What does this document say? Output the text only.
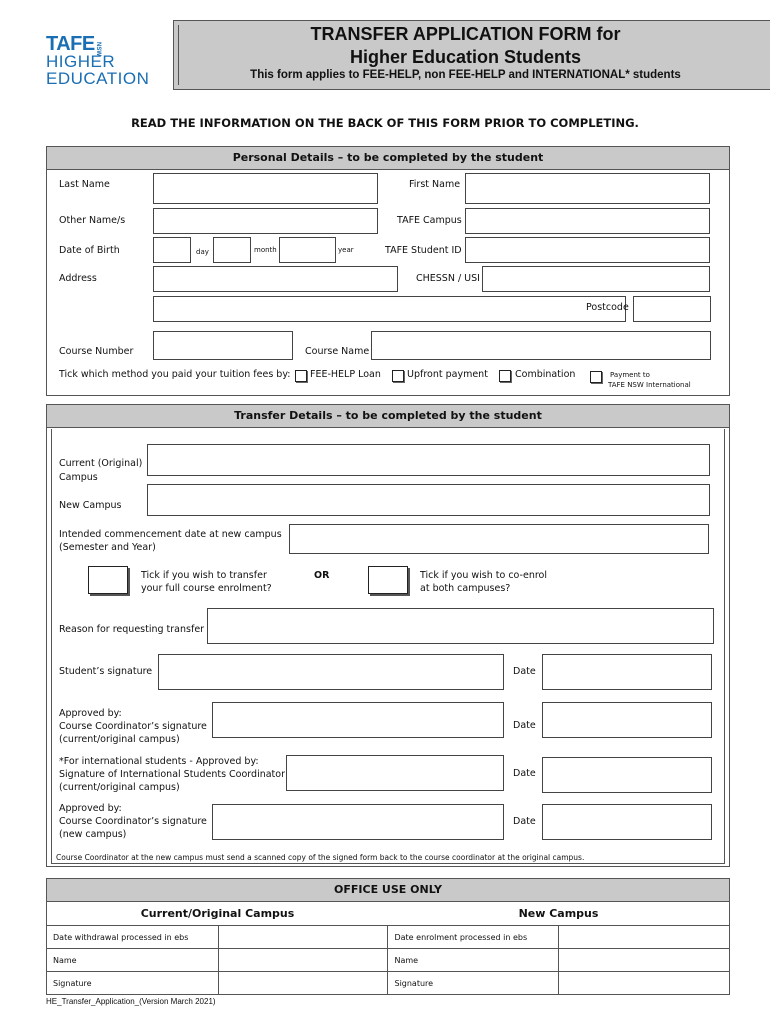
TAFE NSW
HIGHER
EDUCATION
TRANSFER APPLICATION FORM for
Higher Education Students
This form applies to FEE-HELP, non FEE-HELP and INTERNATIONAL* students
READ THE INFORMATION ON THE BACK OF THIS FORM PRIOR TO COMPLETING.
Personal Details – to be completed by the student
Last Name	First Name
Other Name/s	TAFE Campus
Date of Birth	day	month	year	TAFE Student ID
Address	CHESSN / USI
Postcode
Course Number	Course Name
Tick which method you paid your tuition fees by: FEE-HELP Loan	Upfront payment	Combination	Payment to
TAFE NSW International
Transfer Details – to be completed by the student
Current (Original)
Campus
New Campus
Intended commencement date at new campus
(Semester and Year)
Tick if you wish to transfer
your full course enrolment?
OR	Tick if you wish to co-enrol
at both campuses?
Reason for requesting transfer
Student’s signature	Date
Approved by:
Course Coordinator’s signature
(current/original campus)
Date
*For international students - Approved by:
Signature of International Students Coordinator
(current/original campus)
Date
Approved by:
Course Coordinator’s signature
(new campus)
Date
Course Coordinator at the new campus must send a scanned copy of the signed form back to the course coordinator at the original campus.
OFFICE USE ONLY
Current/Original Campus	New Campus
Date withdrawal processed in ebs		Date enrolment processed in ebs	
Name		Name	
Signature		Signature	
HE_Transfer_Application_(Version March 2021)
